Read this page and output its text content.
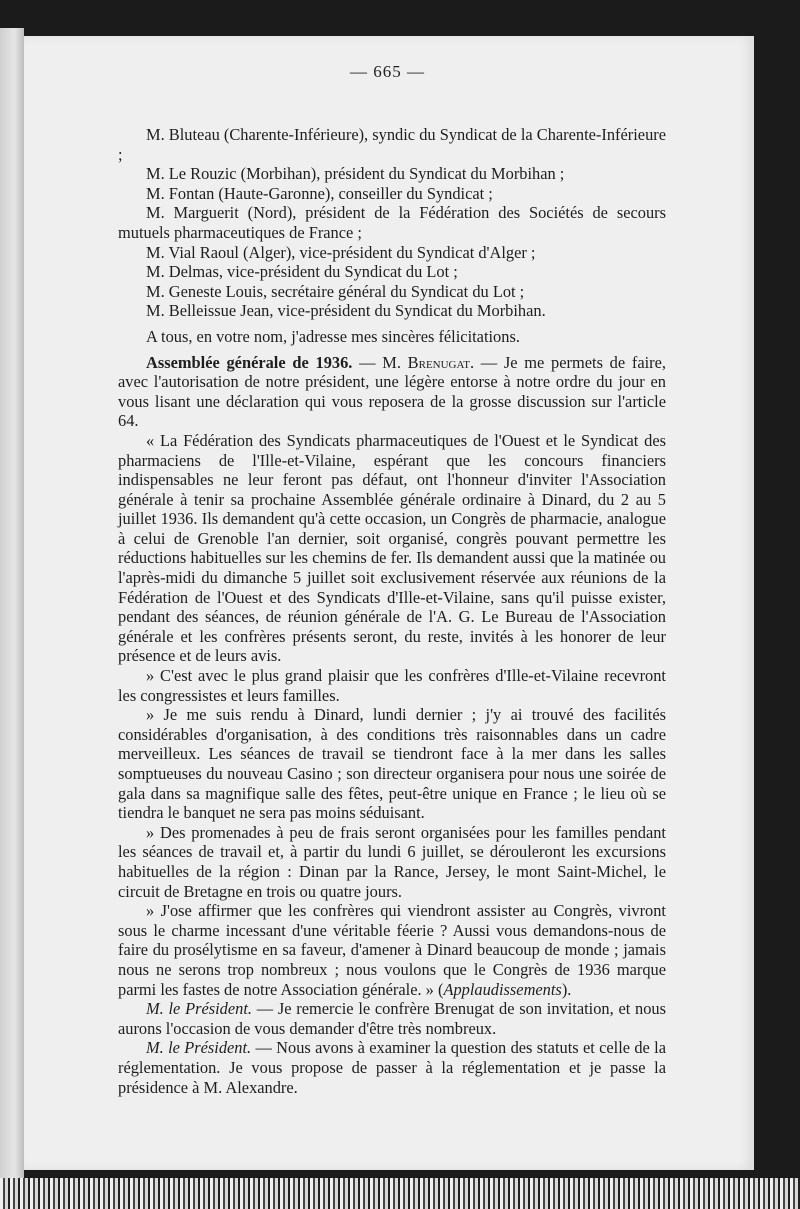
— 665 —

M. Bluteau (Charente-Inférieure), syndic du Syndicat de la Charente-Inférieure ;

M. Le Rouzic (Morbihan), président du Syndicat du Morbihan ;

M. Fontan (Haute-Garonne), conseiller du Syndicat ;

M. Marguerit (Nord), président de la Fédération des Sociétés de secours mutuels pharmaceutiques de France ;

M. Vial Raoul (Alger), vice-président du Syndicat d'Alger ;

M. Delmas, vice-président du Syndicat du Lot ;

M. Geneste Louis, secrétaire général du Syndicat du Lot ;

M. Belleissue Jean, vice-président du Syndicat du Morbihan.

A tous, en votre nom, j'adresse mes sincères félicitations.

Assemblée générale de 1936. — M. Brenugat. — Je me permets de faire, avec l'autorisation de notre président, une légère entorse à notre ordre du jour en vous lisant une déclaration qui vous reposera de la grosse discussion sur l'article 64.

« La Fédération des Syndicats pharmaceutiques de l'Ouest et le Syndicat des pharmaciens de l'Ille-et-Vilaine, espérant que les concours financiers indispensables ne leur feront pas défaut, ont l'honneur d'inviter l'Association générale à tenir sa prochaine Assemblée générale ordinaire à Dinard, du 2 au 5 juillet 1936. Ils demandent qu'à cette occasion, un Congrès de pharmacie, analogue à celui de Grenoble l'an dernier, soit organisé, congrès pouvant permettre les réductions habituelles sur les chemins de fer. Ils demandent aussi que la matinée ou l'après-midi du dimanche 5 juillet soit exclusivement réservée aux réunions de la Fédération de l'Ouest et des Syndicats d'Ille-et-Vilaine, sans qu'il puisse exister, pendant des séances, de réunion générale de l'A. G. Le Bureau de l'Association générale et les confrères présents seront, du reste, invités à les honorer de leur présence et de leurs avis.

» C'est avec le plus grand plaisir que les confrères d'Ille-et-Vilaine recevront les congressistes et leurs familles.

» Je me suis rendu à Dinard, lundi dernier ; j'y ai trouvé des facilités considérables d'organisation, à des conditions très raisonnables dans un cadre merveilleux. Les séances de travail se tiendront face à la mer dans les salles somptueuses du nouveau Casino ; son directeur organisera pour nous une soirée de gala dans sa magnifique salle des fêtes, peut-être unique en France ; le lieu où se tiendra le banquet ne sera pas moins séduisant.

» Des promenades à peu de frais seront organisées pour les familles pendant les séances de travail et, à partir du lundi 6 juillet, se dérouleront les excursions habituelles de la région : Dinan par la Rance, Jersey, le mont Saint-Michel, le circuit de Bretagne en trois ou quatre jours.

» J'ose affirmer que les confrères qui viendront assister au Congrès, vivront sous le charme incessant d'une véritable féerie ? Aussi vous demandons-nous de faire du prosélytisme en sa faveur, d'amener à Dinard beaucoup de monde ; jamais nous ne serons trop nombreux ; nous voulons que le Congrès de 1936 marque parmi les fastes de notre Association générale. » (Applaudissements).

M. le Président. — Je remercie le confrère Brenugat de son invitation, et nous aurons l'occasion de vous demander d'être très nombreux.

M. le Président. — Nous avons à examiner la question des statuts et celle de la réglementation. Je vous propose de passer à la réglementation et je passe la présidence à M. Alexandre.
